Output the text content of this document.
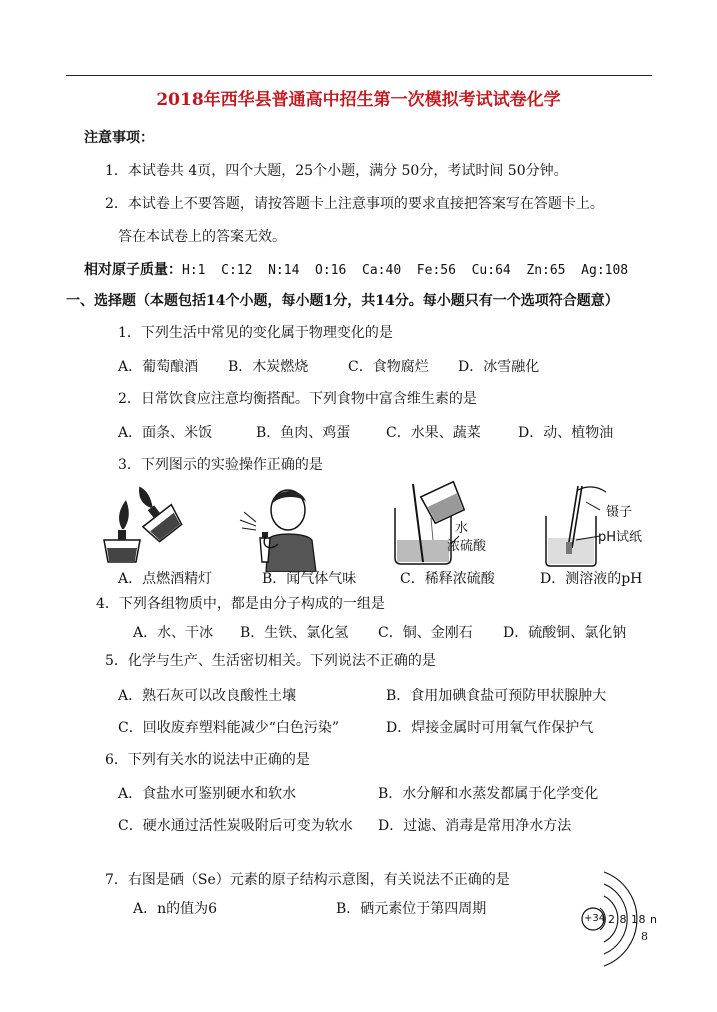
2018年西华县普通高中招生第一次模拟考试试卷化学
注意事项：
1．本试卷共 4页，四个大题，25个小题，满分 50分，考试时间 50分钟。
2．本试卷上不要答题，请按答题卡上注意事项的要求直接把答案写在答题卡上。
答在本试卷上的答案无效。
相对原子质量：H:1  C:12  N:14  O:16  Ca:40  Fe:56  Cu:64  Zn:65  Ag:108
一、选择题（本题包括14个小题，每小题1分，共14分。每小题只有一个选项符合题意）
1．下列生活中常见的变化属于物理变化的是
A．葡萄酿酒 B．木炭燃烧	C．食物腐烂 D．冰雪融化
2．日常饮食应注意均衡搭配。下列食物中富含维生素的是
A．面条、米饭	B．鱼肉、鸡蛋	C．水果、蔬菜	D．动、植物油
3．下列图示的实验操作正确的是
水
浓硫酸
镊子
pH试纸
A．点燃酒精灯	B．闻气体气味	C．稀释浓硫酸	D．测溶液的pH
4．下列各组物质中，都是由分子构成的一组是
A．水、干冰 B．生铁、氯化氢 C．铜、金刚石 D．硫酸铜、氯化钠
5．化学与生产、生活密切相关。下列说法不正确的是
A．熟石灰可以改良酸性土壤	B．食用加碘食盐可预防甲状腺肿大
C．回收废弃塑料能减少“白色污染”	D．焊接金属时可用氧气作保护气
6．下列有关水的说法中正确的是
A．食盐水可鉴别硬水和软水	B．水分解和水蒸发都属于化学变化
C．硬水通过活性炭吸附后可变为软水 D．过滤、消毒是常用净水方法
7．右图是硒（Se）元素的原子结构示意图，有关说法不正确的是
A．n的值为6	B．硒元素位于第四周期
+34 2 8 18 n
8
